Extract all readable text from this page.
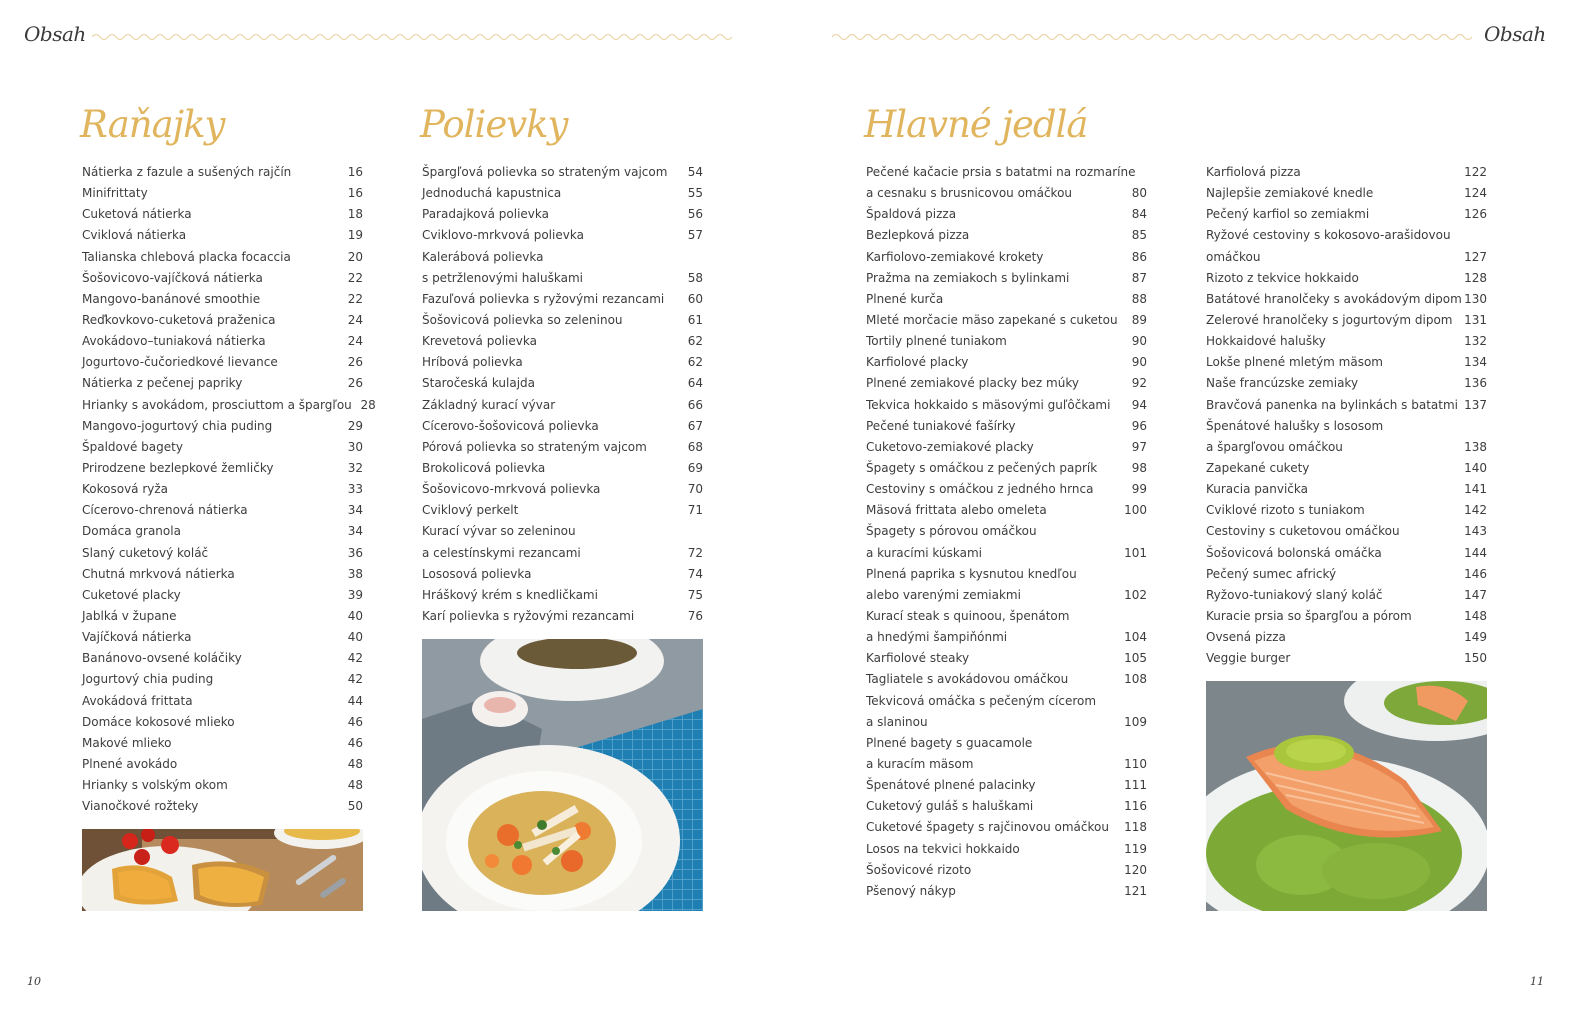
Obsah
Raňajky
Nátierka z fazule a sušených rajčín	16
Minifrittaty	16
Cuketová nátierka	18
Cviklová nátierka	19
Talianska chlebová placka focaccia	20
Šošovicovo-vajíčková nátierka	22
Mangovo-banánové smoothie	22
Reďkovkovo-cuketová praženica	24
Avokádovo–tuniaková nátierka	24
Jogurtovo-čučoriedkové lievance	26
Nátierka z pečenej papriky	26
Hrianky s avokádom, prosciuttom a špargľou 28
Mangovo-jogurtový chia puding	29
Špaldové bagety	30
Prirodzene bezlepkové žemličky	32
Kokosová ryža	33
Cícerovo-chrenová nátierka	34
Domáca granola	34
Slaný cuketový koláč	36
Chutná mrkvová nátierka	38
Cuketové placky	39
Jablká v župane	40
Vajíčková nátierka	40
Banánovo-ovsené koláčiky	42
Jogurtový chia puding	42
Avokádová frittata	44
Domáce kokosové mlieko	46
Makové mlieko	46
Plnené avokádo	48
Hrianky s volským okom	48
Vianočkové rožteky	50
Polievky
Špargľová polievka so strateným vajcom	54
Jednoduchá kapustnica	55
Paradajková polievka	56
Cviklovo-mrkvová polievka	57
Kalerábová polievka
s petržlenovými haluškami	58
Fazuľová polievka s ryžovými rezancami	60
Šošovicová polievka so zeleninou	61
Krevetová polievka	62
Hríbová polievka	62
Staročeská kulajda	64
Základný kurací vývar	66
Cícerovo-šošovicová polievka	67
Pórová polievka so strateným vajcom	68
Brokolicová polievka	69
Šošovicovo-mrkvová polievka	70
Cviklový perkelt	71
Kurací vývar so zeleninou
a celestínskymi rezancami	72
Lososová polievka	74
Hráškový krém s knedličkami	75
Karí polievka s ryžovými rezancami	76
10
Obsah
Hlavné jedlá
Pečené kačacie prsia s batatmi na rozmaríne
a cesnaku s brusnicovou omáčkou	80
Špaldová pizza	84
Bezlepková pizza	85
Karfiolovo-zemiakové krokety	86
Pražma na zemiakoch s bylinkami	87
Plnené kurča	88
Mleté morčacie mäso zapekané s cuketou	89
Tortily plnené tuniakom	90
Karfiolové placky	90
Plnené zemiakové placky bez múky	92
Tekvica hokkaido s mäsovými guľôčkami	94
Pečené tuniakové fašírky	96
Cuketovo-zemiakové placky	97
Špagety s omáčkou z pečených paprík	98
Cestoviny s omáčkou z jedného hrnca	99
Mäsová frittata alebo omeleta	100
Špagety s pórovou omáčkou
a kuracími kúskami	101
Plnená paprika s kysnutou knedľou
alebo varenými zemiakmi	102
Kurací steak s quinoou, špenátom
a hnedými šampiňónmi	104
Karfiolové steaky	105
Tagliatele s avokádovou omáčkou	108
Tekvicová omáčka s pečeným cícerom
a slaninou	109
Plnené bagety s guacamole
a kuracím mäsom	110
Špenátové plnené palacinky	111
Cuketový guláš s haluškami	116
Cuketové špagety s rajčinovou omáčkou 118
Losos na tekvici hokkaido	119
Šošovicové rizoto	120
Pšenový nákyp	121
Karfiolová pizza	122
Najlepšie zemiakové knedle	124
Pečený karfiol so zemiakmi	126
Ryžové cestoviny s kokosovo-arašidovou
omáčkou	127
Rizoto z tekvice hokkaido	128
Batátové hranolčeky s avokádovým dipom 130
Zelerové hranolčeky s jogurtovým dipom 131
Hokkaidové halušky	132
Lokše plnené mletým mäsom	134
Naše francúzske zemiaky	136
Bravčová panenka na bylinkách s batatmi 137
Špenátové halušky s lososom
a špargľovou omáčkou	138
Zapekané cukety	140
Kuracia panvička	141
Cviklové rizoto s tuniakom	142
Cestoviny s cuketovou omáčkou	143
Šošovicová bolonská omáčka	144
Pečený sumec africký	146
Ryžovo-tuniakový slaný koláč	147
Kuracie prsia so špargľou a pórom	148
Ovsená pizza	149
Veggie burger	150
11
